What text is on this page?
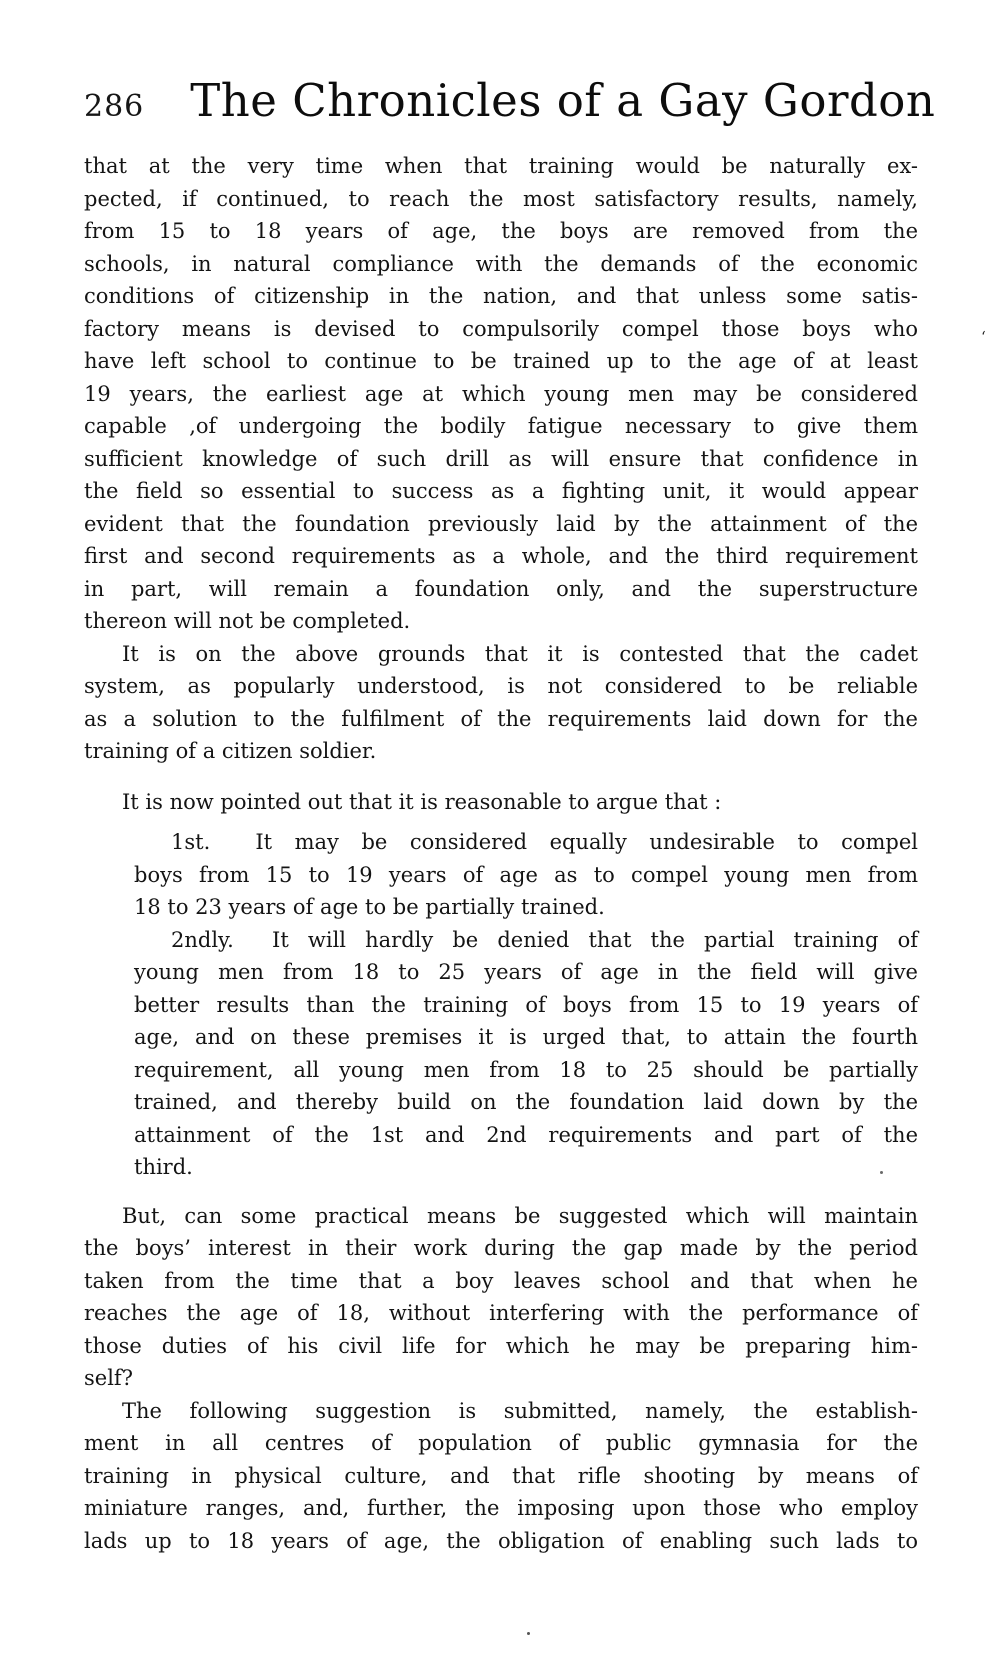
286 The Chronicles of a Gay Gordon
that at the very time when that training would be naturally ex-
pected, if continued, to reach the most satisfactory results, namely,
from 15 to 18 years of age, the boys are removed from the
schools, in natural compliance with the demands of the economic
conditions of citizenship in the nation, and that unless some satis-
factory means is devised to compulsorily compel those boys who
have left school to continue to be trained up to the age of at least
19 years, the earliest age at which young men may be considered
capable ,of undergoing the bodily fatigue necessary to give them
sufficient knowledge of such drill as will ensure that confidence in
the field so essential to success as a fighting unit, it would appear
evident that the foundation previously laid by the attainment of the
first and second requirements as a whole, and the third requirement
in part, will remain a foundation only, and the superstructure
thereon will not be completed.
It is on the above grounds that it is contested that the cadet
system, as popularly understood, is not considered to be reliable
as a solution to the fulfilment of the requirements laid down for the
training of a citizen soldier.
It is now pointed out that it is reasonable to argue that :
1st.  It may be considered equally undesirable to compel
boys from 15 to 19 years of age as to compel young men from
18 to 23 years of age to be partially trained.
2ndly.  It will hardly be denied that the partial training of
young men from 18 to 25 years of age in the field will give
better results than the training of boys from 15 to 19 years of
age, and on these premises it is urged that, to attain the fourth
requirement, all young men from 18 to 25 should be partially
trained, and thereby build on the foundation laid down by the
attainment of the 1st and 2nd requirements and part of the
third.
But, can some practical means be suggested which will maintain
the boys’ interest in their work during the gap made by the period
taken from the time that a boy leaves school and that when he
reaches the age of 18, without interfering with the performance of
those duties of his civil life for which he may be preparing him-
self?
The following suggestion is submitted, namely, the establish-
ment in all centres of population of public gymnasia for the
training in physical culture, and that rifle shooting by means of
miniature ranges, and, further, the imposing upon those who employ
lads up to 18 years of age, the obligation of enabling such lads to
‘
